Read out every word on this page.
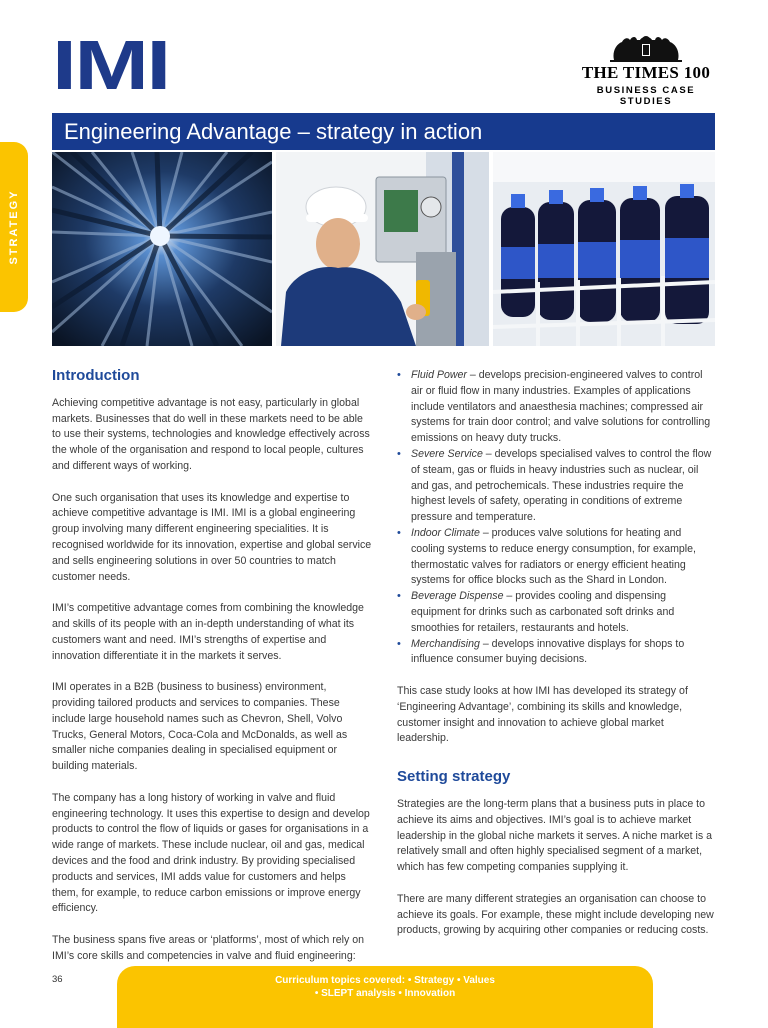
IMI	THE TIMES 100
BUSINESS CASE STUDIES
Engineering Advantage – strategy in action
STRATEGY
Introduction

Achieving competitive advantage is not easy, particularly in global markets. Businesses that do well in these markets need to be able to use their systems, technologies and knowledge effectively across the whole of the organisation and respond to local people, cultures and different ways of working.

One such organisation that uses its knowledge and expertise to achieve competitive advantage is IMI. IMI is a global engineering group involving many different engineering specialities. It is recognised worldwide for its innovation, expertise and global service and sells engineering solutions in over 50 countries to match customer needs.

IMI’s competitive advantage comes from combining the knowledge and skills of its people with an in-depth understanding of what its customers want and need. IMI’s strengths of expertise and innovation differentiate it in the markets it serves.

IMI operates in a B2B (business to business) environment, providing tailored products and services to companies. These include large household names such as Chevron, Shell, Volvo Trucks, General Motors, Coca-Cola and McDonalds, as well as smaller niche companies dealing in specialised equipment or building materials.

The company has a long history of working in valve and fluid engineering technology. It uses this expertise to design and develop products to control the flow of liquids or gases for organisations in a wide range of markets. These include nuclear, oil and gas, medical devices and the food and drink industry. By providing specialised products and services, IMI adds value for customers and helps them, for example, to reduce carbon emissions or improve energy efficiency.

The business spans five areas or ‘platforms’, most of which rely on IMI’s core skills and competencies in valve and fluid engineering:

• Fluid Power – develops precision-engineered valves to control air or fluid flow in many industries. Examples of applications include ventilators and anaesthesia machines; compressed air systems for train door control; and valve solutions for controlling emissions on heavy duty trucks.
• Severe Service – develops specialised valves to control the flow of steam, gas or fluids in heavy industries such as nuclear, oil and gas, and petrochemicals. These industries require the highest levels of safety, operating in conditions of extreme pressure and temperature.
• Indoor Climate – produces valve solutions for heating and cooling systems to reduce energy consumption, for example, thermostatic valves for radiators or energy efficient heating systems for office blocks such as the Shard in London.
• Beverage Dispense – provides cooling and dispensing equipment for drinks such as carbonated soft drinks and smoothies for retailers, restaurants and hotels.
• Merchandising – develops innovative displays for shops to influence consumer buying decisions.

This case study looks at how IMI has developed its strategy of ‘Engineering Advantage’, combining its skills and knowledge, customer insight and innovation to achieve global market leadership.

Setting strategy

Strategies are the long-term plans that a business puts in place to achieve its aims and objectives. IMI’s goal is to achieve market leadership in the global niche markets it serves. A niche market is a relatively small and often highly specialised segment of a market, which has few competing companies supplying it.

There are many different strategies an organisation can choose to achieve its goals. For example, these might include developing new products, growing by acquiring other companies or reducing costs.

36	Curriculum topics covered: • Strategy • Values
• SLEPT analysis • Innovation
